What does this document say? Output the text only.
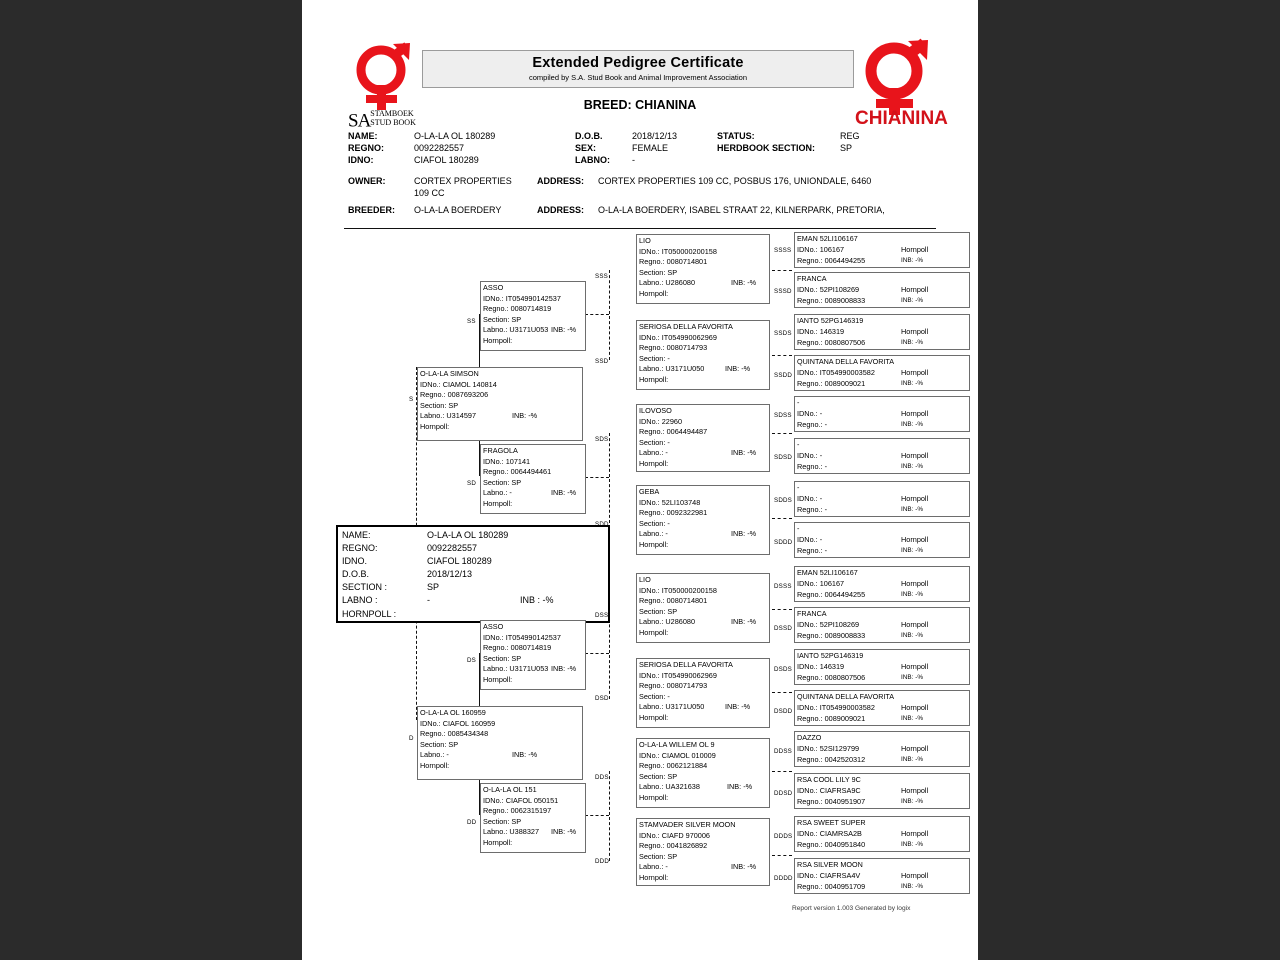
SASTAMBOEK
STUD BOOK	CHIANINA
Extended Pedigree Certificate
compiled by S.A. Stud Book and Animal Improvement Association
BREED: CHIANINA
NAME:	O-LA-LA OL 180289
REGNO:	0092282557
IDNO:	CIAFOL 180289
D.O.B.	2018/12/13
SEX:	FEMALE
LABNO: -
STATUS:	REG
HERDBOOK SECTION:	SP
OWNER:	CORTEX PROPERTIES
109 CC
ADDRESS: CORTEX PROPERTIES 109 CC, POSBUS 176, UNIONDALE, 6460
BREEDER: O-LA-LA BOERDERY	ADDRESS: O-LA-LA BOERDERY, ISABEL STRAAT 22, KILNERPARK, PRETORIA,
NAME:	O-LA-LA OL 180289
REGNO:	0092282557
IDNO.	CIAFOL 180289
D.O.B.	2018/12/13
SECTION :	SP
LABNO :	-	INB : -%
HORNPOLL :
S
O-LA-LA SIMSON
IDNo.: CIAMOL 140814
Regno.: 0087693206
Section: SP
Labno.: U314597	INB: -%
Hornpoll:
D
O-LA-LA OL 160959
IDNo.: CIAFOL 160959
Regno.: 0085434348
Section: SP
Labno.: -	INB: -%
Hornpoll:
SS
ASSO
IDNo.: IT054990142537
Regno.: 0080714819
Section: SP
Labno.: U3171U053 INB: -%
Hornpoll:
SD
FRAGOLA
IDNo.: 107141
Regno.: 0064494461
Section: SP
Labno.: -	INB: -%
Hornpoll:
DS
ASSO
IDNo.: IT054990142537
Regno.: 0080714819
Section: SP
Labno.: U3171U053 INB: -%
Hornpoll:
DD
O-LA-LA OL 151
IDNo.: CIAFOL 050151
Regno.: 0062315197
Section: SP
Labno.: U388327 INB: -%
Hornpoll:
SSS
LIO
IDNo.: IT050000200158
Regno.: 0080714801
Section: SP
Labno.: U286080	INB: -%
Hornpoll:
SSD
SERIOSA DELLA FAVORITA
IDNo.: IT054990062969
Regno.: 0080714793
Section: -
Labno.: U3171U050	INB: -%
Hornpoll:
SDS
ILOVOSO
IDNo.: 22960
Regno.: 0064494487
Section: -
Labno.: -	INB: -%
Hornpoll:
SDD
GEBA
IDNo.: 52LI103748
Regno.: 0092322981
Section: -
Labno.: -	INB: -%
Hornpoll:
DSS
LIO
IDNo.: IT050000200158
Regno.: 0080714801
Section: SP
Labno.: U286080	INB: -%
Hornpoll:
DSD
SERIOSA DELLA FAVORITA
IDNo.: IT054990062969
Regno.: 0080714793
Section: -
Labno.: U3171U050	INB: -%
Hornpoll:
DDS
O-LA-LA WILLEM OL 9
IDNo.: CIAMOL 010009
Regno.: 0062121884
Section: SP
Labno.: UA321638	INB: -%
Hornpoll:
DDD
STAMVADER SILVER MOON
IDNo.: CIAFD 970006
Regno.: 0041826892
Section: SP
Labno.: -	INB: -%
Hornpoll:
SSSS
EMAN 52LI106167
IDNo.: 106167	Hornpoll
Regno.: 0064494255	INB: -%
SSSD
FRANCA
IDNo.: 52PI108269	Hornpoll
Regno.: 0089008833	INB: -%
SSDS
IANTO 52PG146319
IDNo.: 146319	Hornpoll
Regno.: 0080807506	INB: -%
SSDD
QUINTANA DELLA FAVORITA
IDNo.: IT054990003582	Hornpoll
Regno.: 0089009021	INB: -%
SDSS
-
IDNo.: -	Hornpoll
Regno.: -	INB: -%
SDSD
-
IDNo.: -	Hornpoll
Regno.: -	INB: -%
SDDS
-
IDNo.: -	Hornpoll
Regno.: -	INB: -%
SDDD
-
IDNo.: -	Hornpoll
Regno.: -	INB: -%
DSSS
EMAN 52LI106167
IDNo.: 106167	Hornpoll
Regno.: 0064494255	INB: -%
DSSD
FRANCA
IDNo.: 52PI108269	Hornpoll
Regno.: 0089008833	INB: -%
DSDS
IANTO 52PG146319
IDNo.: 146319	Hornpoll
Regno.: 0080807506	INB: -%
DSDD
QUINTANA DELLA FAVORITA
IDNo.: IT054990003582	Hornpoll
Regno.: 0089009021	INB: -%
DDSS
DAZZO
IDNo.: 52SI129799	Hornpoll
Regno.: 0042520312	INB: -%
DDSD
RSA COOL LILY 9C
IDNo.: CIAFRSA9C	Hornpoll
Regno.: 0040951907	INB: -%
DDDS
RSA SWEET SUPER
IDNo.: CIAMRSA2B	Hornpoll
Regno.: 0040951840	INB: -%
DDDD
RSA SILVER MOON
IDNo.: CIAFRSA4V	Hornpoll
Regno.: 0040951709	INB: -%
Report version 1.003 Generated by logix
